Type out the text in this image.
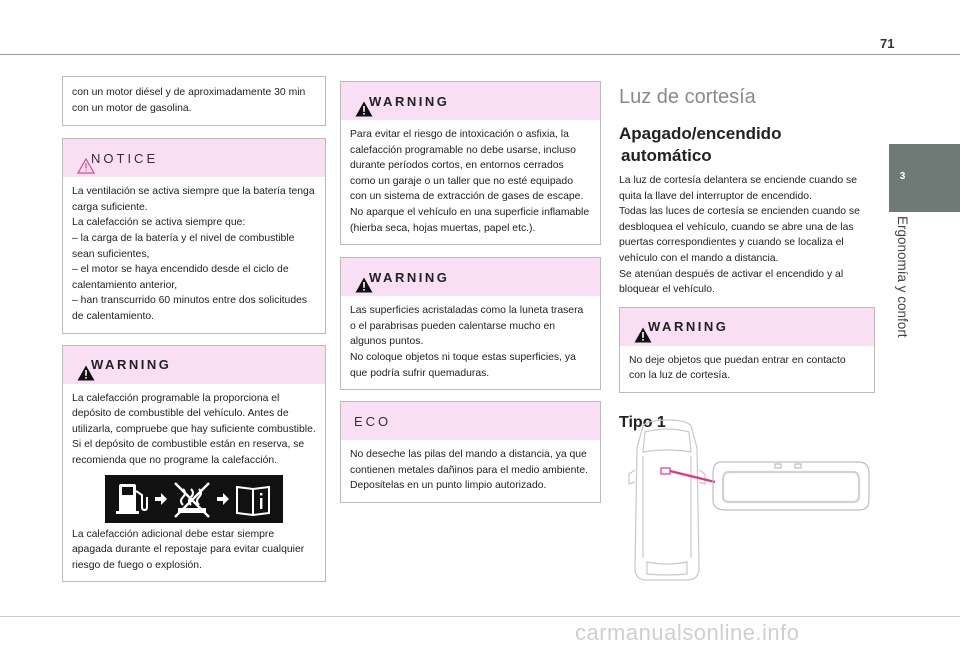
71
3
Ergonomía y confort
con un motor diésel y de aproximadamente 30 min con un motor de gasolina.
NOTICE

La ventilación se activa siempre que la batería tenga carga suficiente.

La calefacción se activa siempre que:

– la carga de la batería y el nivel de combustible sean suficientes,

– el motor se haya encendido desde el ciclo de calentamiento anterior,

– han transcurrido 60 minutos entre dos solicitudes de calentamiento.

WARNING

La calefacción programable la proporciona el depósito de combustible del vehículo. Antes de utilizarla, compruebe que hay suficiente combustible. Si el depósito de combustible están en reserva, se recomienda que no programe la calefacción.

La calefacción adicional debe estar siempre apagada durante el repostaje para evitar cualquier riesgo de fuego o explosión.

WARNING

Para evitar el riesgo de intoxicación o asfixia, la calefacción programable no debe usarse, incluso durante períodos cortos, en entornos cerrados como un garaje o un taller que no esté equipado con un sistema de extracción de gases de escape.

No aparque el vehículo en una superficie inflamable (hierba seca, hojas muertas, papel etc.).

WARNING

Las superficies acristaladas como la luneta trasera o el parabrisas pueden calentarse mucho en algunos puntos.

No coloque objetos ni toque estas superficies, ya que podría sufrir quemaduras.

ECO

No deseche las pilas del mando a distancia, ya que contienen metales dañinos para el medio ambiente. Depositelas en un punto limpio autorizado.

Luz de cortesía
Apagado/encendido
automático

La luz de cortesía delantera se enciende cuando se quita la llave del interruptor de encendido.

Todas las luces de cortesía se encienden cuando se desbloquea el vehículo, cuando se abre una de las puertas correspondientes y cuando se localiza el vehículo con el mando a distancia.

Se atenúan después de activar el encendido y al bloquear el vehículo.

WARNING

No deje objetos que puedan entrar en contacto con la luz de cortesía.

Tipo 1
carmanualsonline.info
